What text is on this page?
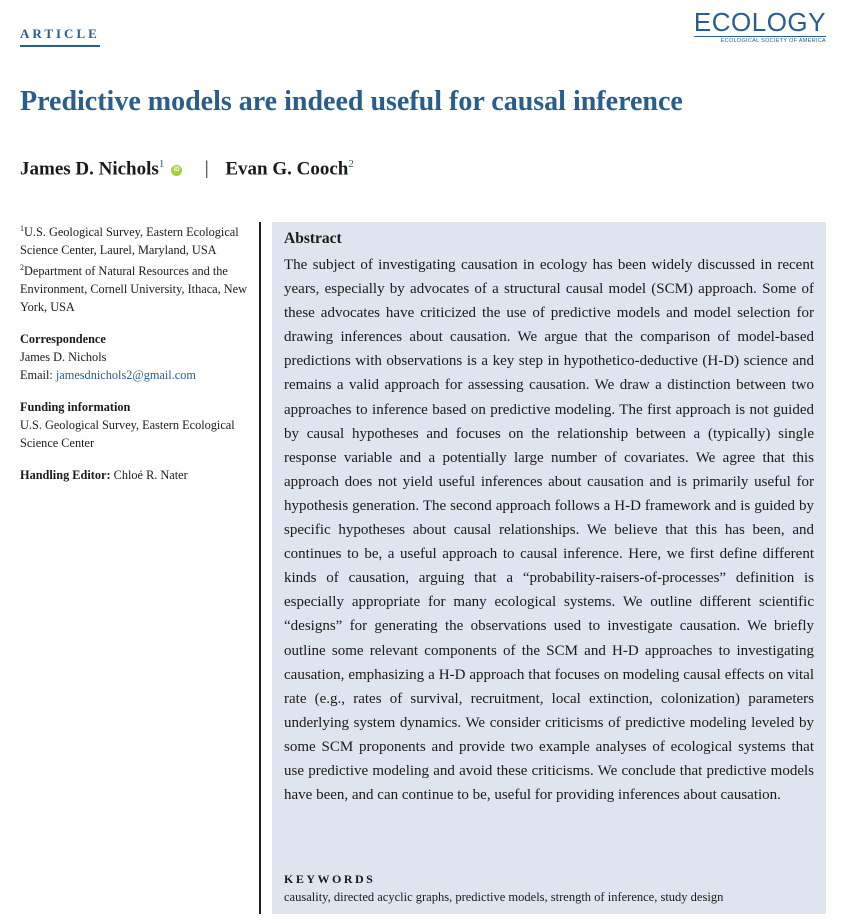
ARTICLE	ECOLOGY
ECOLOGICAL SOCIETY OF AMERICA
Predictive models are indeed useful for causal inference
James D. Nichols$^1$ iD | Evan G. Cooch$^2$

$^1$U.S. Geological Survey, Eastern Ecological Science Center, Laurel, Maryland, USA

$^2$Department of Natural Resources and the Environment, Cornell University, Ithaca, New York, USA

Correspondence

James D. Nichols

Email: jamesdnichols2@gmail.com

Funding information

U.S. Geological Survey, Eastern Ecological Science Center

Handling Editor: Chloé R. Nater

Abstract

The subject of investigating causation in ecology has been widely discussed in recent years, especially by advocates of a structural causal model (SCM) approach. Some of these advocates have criticized the use of predictive models and model selection for drawing inferences about causation. We argue that the comparison of model-based predictions with observations is a key step in hypothetico-deductive (H-D) science and remains a valid approach for assessing causation. We draw a distinction between two approaches to inference based on predictive modeling. The first approach is not guided by causal hypotheses and focuses on the relationship between a (typically) single response variable and a potentially large number of covariates. We agree that this approach does not yield useful inferences about causation and is primarily useful for hypothesis generation. The second approach follows a H-D framework and is guided by specific hypotheses about causal relationships. We believe that this has been, and continues to be, a useful approach to causal inference. Here, we first define different kinds of causation, arguing that a “probability-raisers-of-processes” definition is especially appropriate for many ecological systems. We outline different scientific “designs” for generating the observations used to investigate causation. We briefly outline some relevant components of the SCM and H-D approaches to investigating causation, emphasizing a H-D approach that focuses on modeling causal effects on vital rate (e.g., rates of survival, recruitment, local extinction, colonization) parameters underlying system dynamics. We consider criticisms of predictive modeling leveled by some SCM proponents and provide two example analyses of ecological systems that use predictive modeling and avoid these criticisms. We conclude that predictive models have been, and can continue to be, useful for providing inferences about causation.

KEYWORDS
causality, directed acyclic graphs, predictive models, strength of inference, study design
